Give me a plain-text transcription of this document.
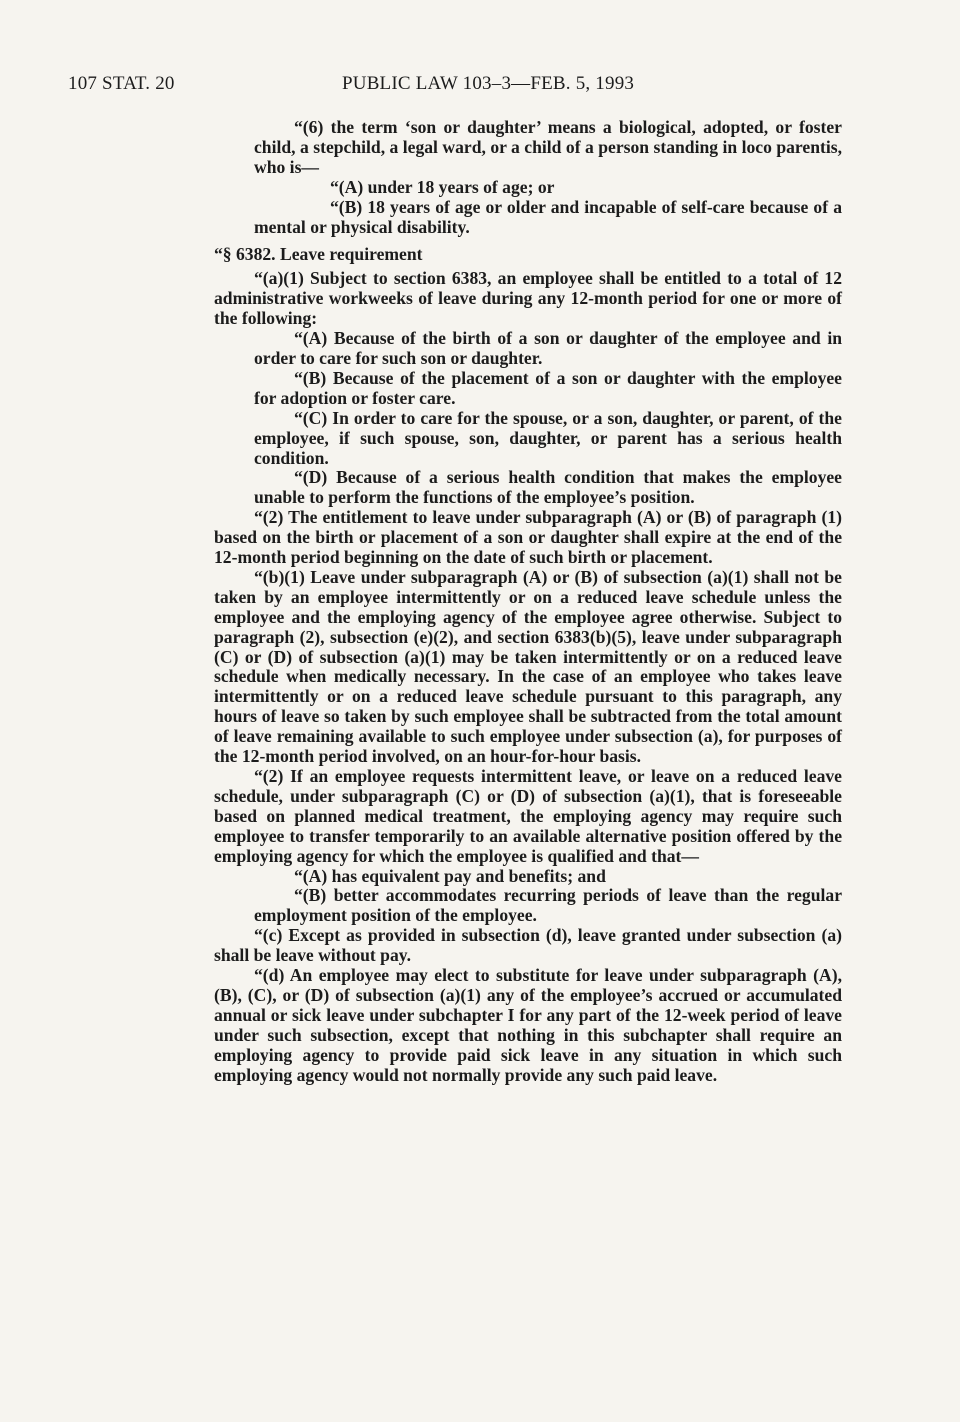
107 STAT. 20	PUBLIC LAW 103–3—FEB. 5, 1993

“(6) the term ‘son or daughter’ means a biological, adopted, or foster child, a stepchild, a legal ward, or a child of a person standing in loco parentis, who is—

“(A) under 18 years of age; or

“(B) 18 years of age or older and incapable of self-care because of a mental or physical disability.

“§ 6382. Leave requirement

“(a)(1) Subject to section 6383, an employee shall be entitled to a total of 12 administrative workweeks of leave during any 12-month period for one or more of the following:

“(A) Because of the birth of a son or daughter of the employee and in order to care for such son or daughter.

“(B) Because of the placement of a son or daughter with the employee for adoption or foster care.

“(C) In order to care for the spouse, or a son, daughter, or parent, of the employee, if such spouse, son, daughter, or parent has a serious health condition.

“(D) Because of a serious health condition that makes the employee unable to perform the functions of the employee’s position.

“(2) The entitlement to leave under subparagraph (A) or (B) of paragraph (1) based on the birth or placement of a son or daughter shall expire at the end of the 12-month period beginning on the date of such birth or placement.

“(b)(1) Leave under subparagraph (A) or (B) of subsection (a)(1) shall not be taken by an employee intermittently or on a reduced leave schedule unless the employee and the employing agency of the employee agree otherwise. Subject to paragraph (2), subsection (e)(2), and section 6383(b)(5), leave under subparagraph (C) or (D) of subsection (a)(1) may be taken intermittently or on a reduced leave schedule when medically necessary. In the case of an employee who takes leave intermittently or on a reduced leave schedule pursuant to this paragraph, any hours of leave so taken by such employee shall be subtracted from the total amount of leave remaining available to such employee under subsection (a), for purposes of the 12-month period involved, on an hour-for-hour basis.

“(2) If an employee requests intermittent leave, or leave on a reduced leave schedule, under subparagraph (C) or (D) of subsection (a)(1), that is foreseeable based on planned medical treatment, the employing agency may require such employee to transfer temporarily to an available alternative position offered by the employing agency for which the employee is qualified and that—

“(A) has equivalent pay and benefits; and

“(B) better accommodates recurring periods of leave than the regular employment position of the employee.

“(c) Except as provided in subsection (d), leave granted under subsection (a) shall be leave without pay.

“(d) An employee may elect to substitute for leave under subparagraph (A), (B), (C), or (D) of subsection (a)(1) any of the employee’s accrued or accumulated annual or sick leave under subchapter I for any part of the 12-week period of leave under such subsection, except that nothing in this subchapter shall require an employing agency to provide paid sick leave in any situation in which such employing agency would not normally provide any such paid leave.
